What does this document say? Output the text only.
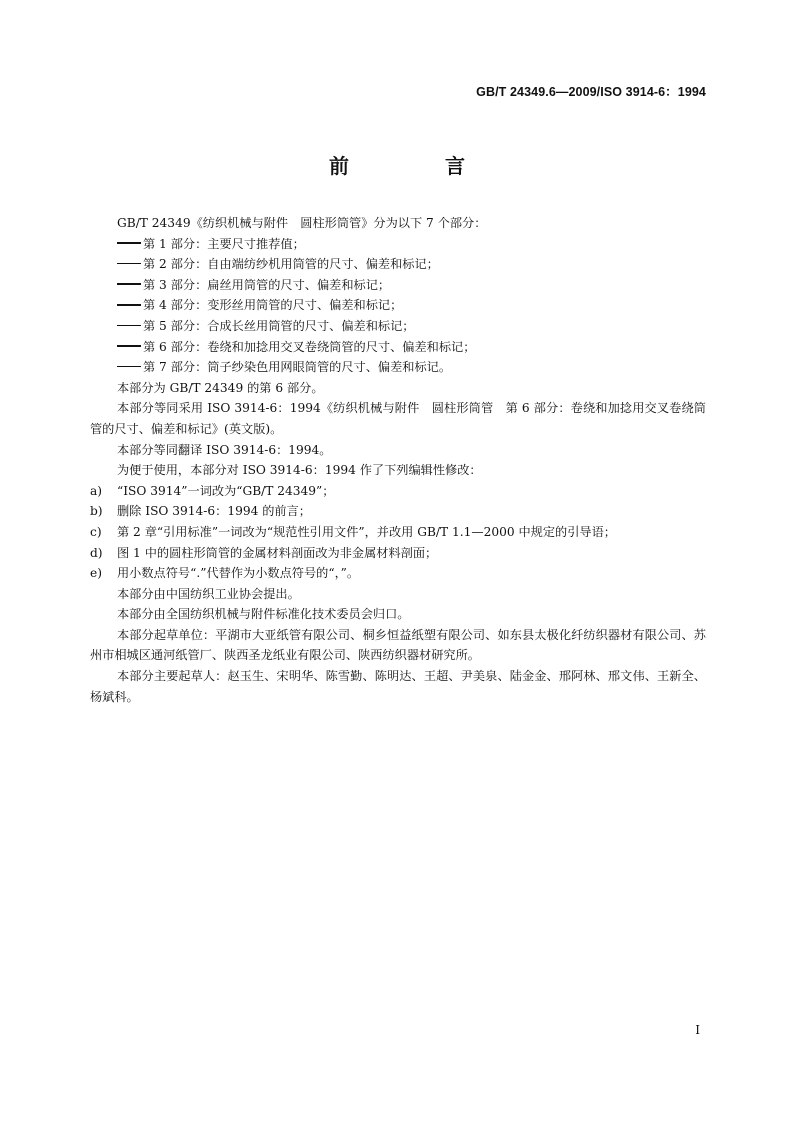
GB/T 24349.6—2009/ISO 3914-6：1994
前　言

GB/T 24349《纺织机械与附件　圆柱形筒管》分为以下 7 个部分：

第 1 部分：主要尺寸推荐值；

第 2 部分：自由端纺纱机用筒管的尺寸、偏差和标记；

第 3 部分：扁丝用筒管的尺寸、偏差和标记；

第 4 部分：变形丝用筒管的尺寸、偏差和标记；

第 5 部分：合成长丝用筒管的尺寸、偏差和标记；

第 6 部分：卷绕和加捻用交叉卷绕筒管的尺寸、偏差和标记；

第 7 部分：筒子纱染色用网眼筒管的尺寸、偏差和标记。

本部分为 GB/T 24349 的第 6 部分。

本部分等同采用 ISO 3914-6：1994《纺织机械与附件　圆柱形筒管　第 6 部分：卷绕和加捻用交叉卷绕筒管的尺寸、偏差和标记》(英文版)。

本部分等同翻译 ISO 3914-6：1994。

为便于使用，本部分对 ISO 3914-6：1994 作了下列编辑性修改：

a) “ISO 3914”一词改为“GB/T 24349”；

b) 删除 ISO 3914-6：1994 的前言；

c) 第 2 章“引用标准”一词改为“规范性引用文件”，并改用 GB/T 1.1—2000 中规定的引导语；

d) 图 1 中的圆柱形筒管的金属材料剖面改为非金属材料剖面；

e) 用小数点符号“.”代替作为小数点符号的“，”。

本部分由中国纺织工业协会提出。

本部分由全国纺织机械与附件标准化技术委员会归口。

本部分起草单位：平湖市大亚纸管有限公司、桐乡恒益纸塑有限公司、如东县太极化纤纺织器材有限公司、苏州市相城区通河纸管厂、陕西圣龙纸业有限公司、陕西纺织器材研究所。

本部分主要起草人：赵玉生、宋明华、陈雪勤、陈明达、王超、尹美泉、陆金金、邢阿林、邢文伟、王新全、杨斌科。

I
